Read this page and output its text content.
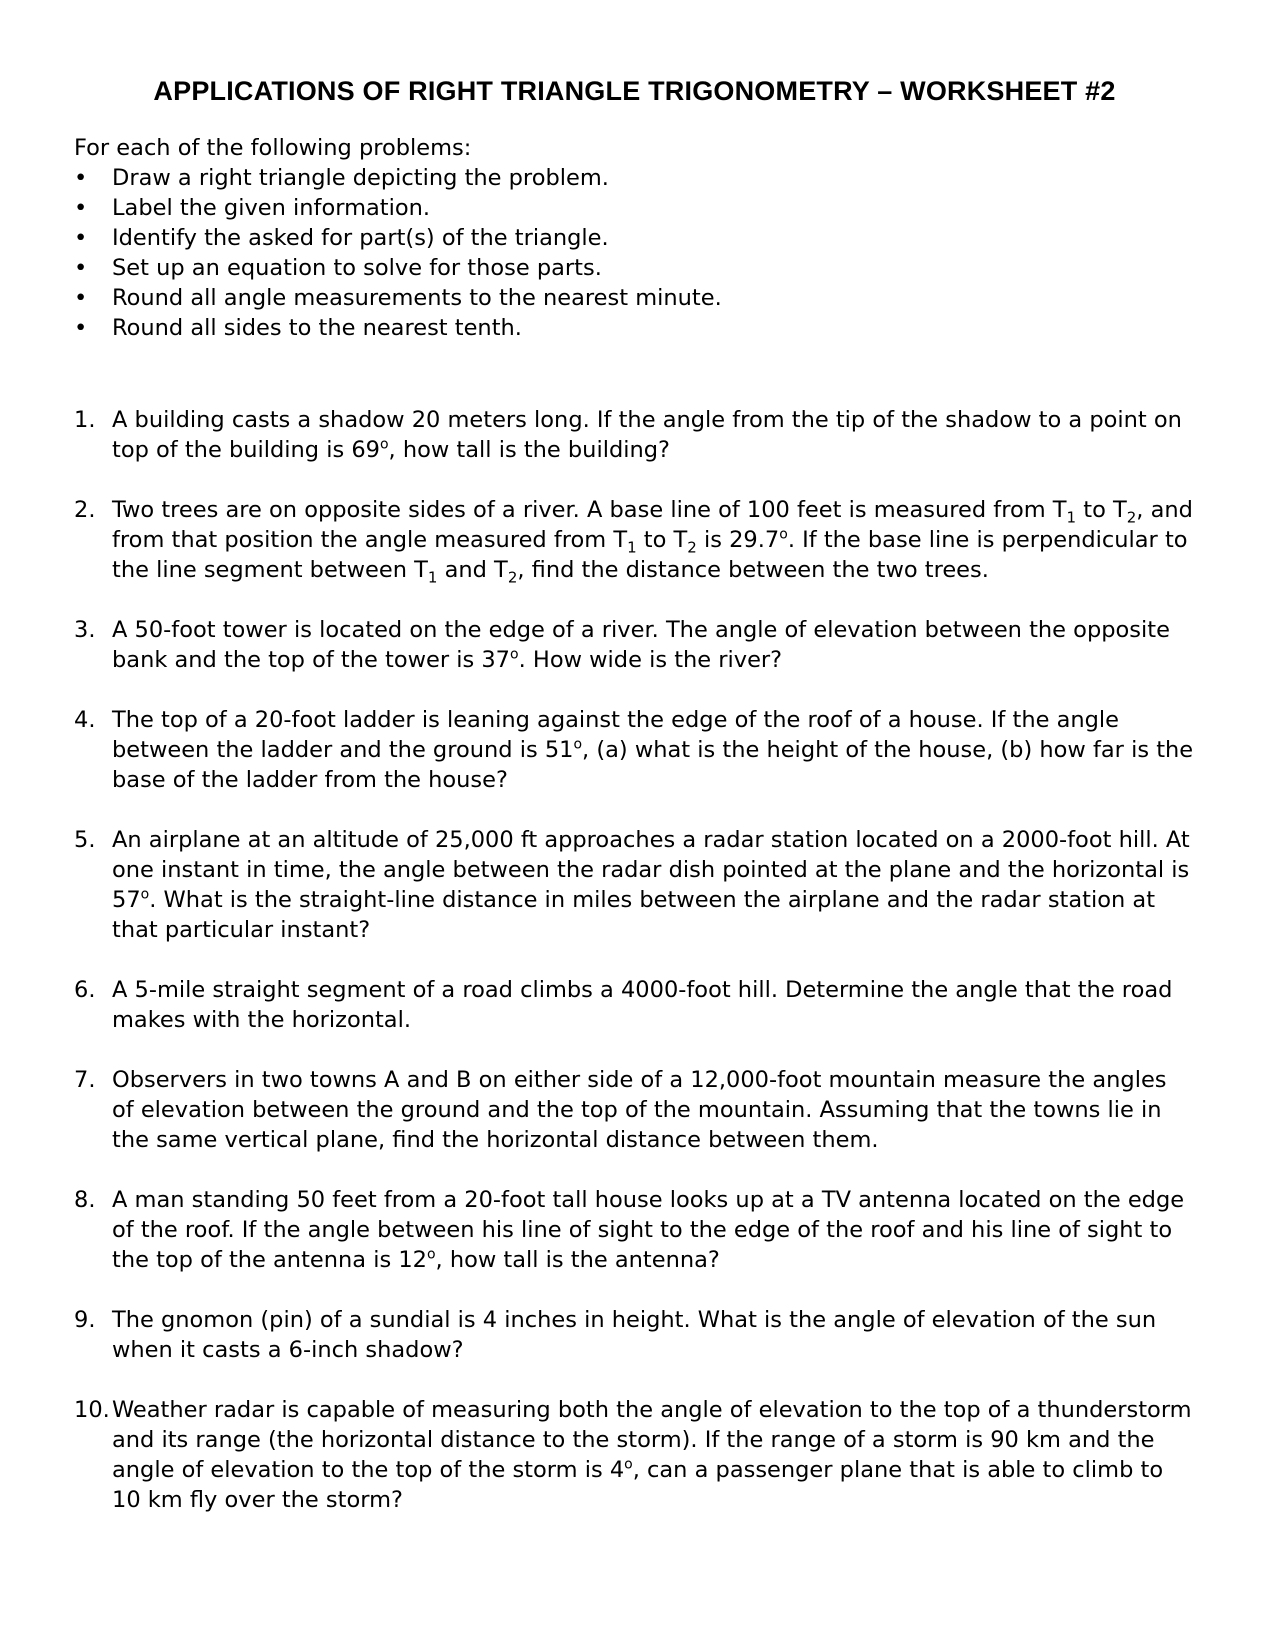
APPLICATIONS OF RIGHT TRIANGLE TRIGONOMETRY – WORKSHEET #2

For each of the following problems:

•	Draw a right triangle depicting the problem.
•	Label the given information.
•	Identify the asked for part(s) of the triangle.
•	Set up an equation to solve for those parts.
•	Round all angle measurements to the nearest minute.
•	Round all sides to the nearest tenth.
1. A building casts a shadow 20 meters long. If the angle from the tip of the shadow to a point on top of the building is 69$^o$, how tall is the building?
2. Two trees are on opposite sides of a river. A base line of 100 feet is measured from $T_1$ to $T_2$, and from that position the angle measured from $T_1$ to $T_2$ is 29.7$^o$. If the base line is perpendicular to the line segment between $T_1$ and $T_2$, find the distance between the two trees.
3. A 50-foot tower is located on the edge of a river. The angle of elevation between the opposite bank and the top of the tower is 37$^o$. How wide is the river?
4. The top of a 20-foot ladder is leaning against the edge of the roof of a house. If the angle between the ladder and the ground is 51$^o$, (a) what is the height of the house, (b) how far is the base of the ladder from the house?
5. An airplane at an altitude of 25,000 ft approaches a radar station located on a 2000-foot hill. At one instant in time, the angle between the radar dish pointed at the plane and the horizontal is 57$^o$. What is the straight-line distance in miles between the airplane and the radar station at that particular instant?
6. A 5-mile straight segment of a road climbs a 4000-foot hill. Determine the angle that the road makes with the horizontal.
7. Observers in two towns A and B on either side of a 12,000-foot mountain measure the angles of elevation between the ground and the top of the mountain. Assuming that the towns lie in the same vertical plane, find the horizontal distance between them.
8. A man standing 50 feet from a 20-foot tall house looks up at a TV antenna located on the edge of the roof. If the angle between his line of sight to the edge of the roof and his line of sight to the top of the antenna is 12$^o$, how tall is the antenna?
9. The gnomon (pin) of a sundial is 4 inches in height. What is the angle of elevation of the sun when it casts a 6-inch shadow?
10. Weather radar is capable of measuring both the angle of elevation to the top of a thunderstorm and its range (the horizontal distance to the storm). If the range of a storm is 90 km and the angle of elevation to the top of the storm is 4$^o$, can a passenger plane that is able to climb to 10 km fly over the storm?
